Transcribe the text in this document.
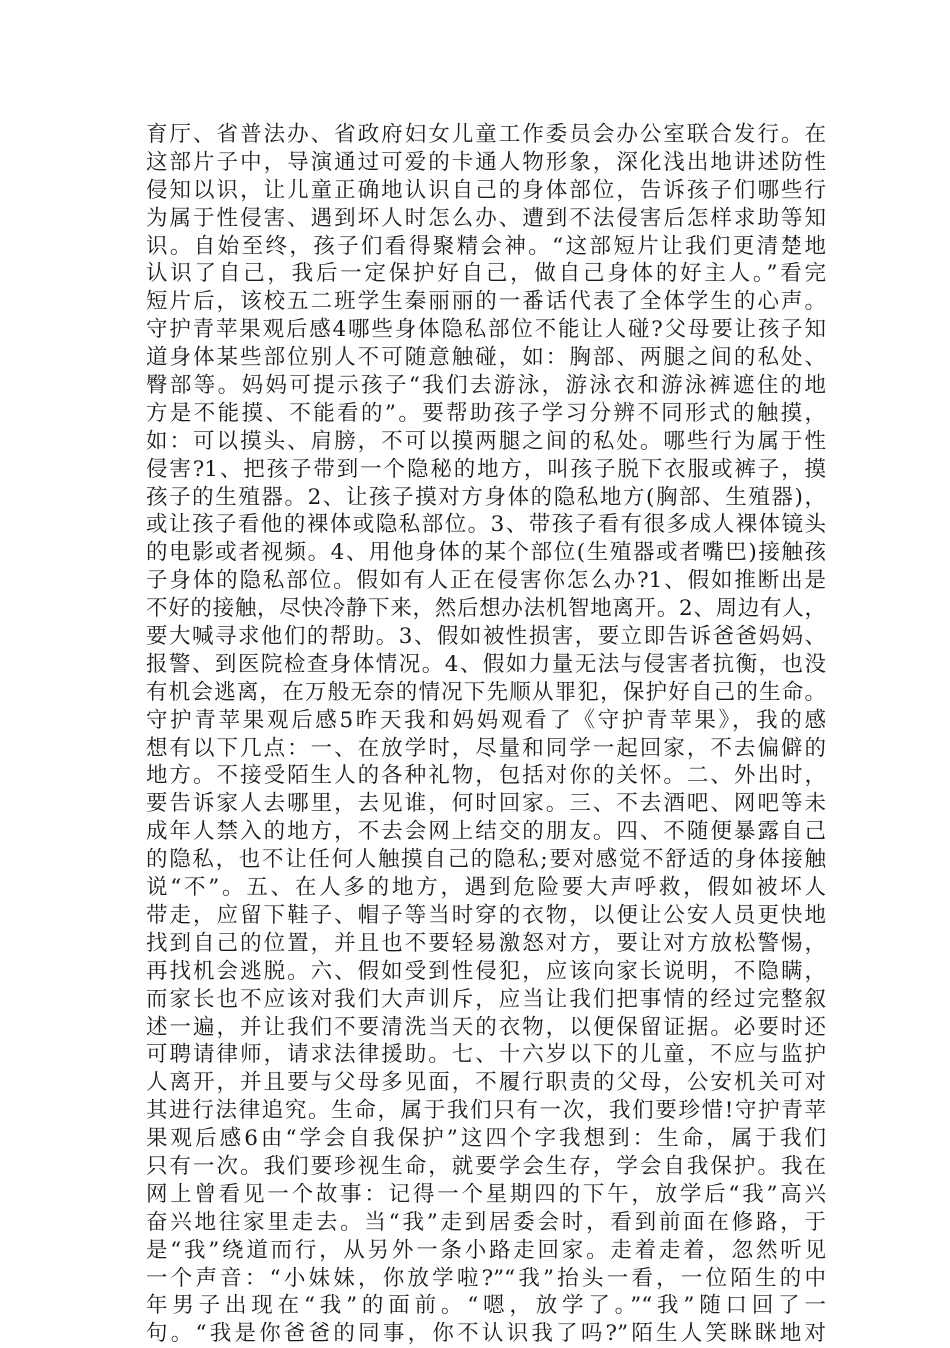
育厅、省普法办、省政府妇女儿童工作委员会办公室联合发行。在
这部片子中，导演通过可爱的卡通人物形象，深化浅出地讲述防性
侵知以识，让儿童正确地认识自己的身体部位，告诉孩子们哪些行
为属于性侵害、遇到坏人时怎么办、遭到不法侵害后怎样求助等知
识。自始至终，孩子们看得聚精会神。“这部短片让我们更清楚地
认识了自己，我后一定保护好自己，做自己身体的好主人。”看完
短片后，该校五二班学生秦丽丽的一番话代表了全体学生的心声。
守护青苹果观后感4哪些身体隐私部位不能让人碰?父母要让孩子知
道身体某些部位别人不可随意触碰，如：胸部、两腿之间的私处、
臀部等。妈妈可提示孩子“我们去游泳，游泳衣和游泳裤遮住的地
方是不能摸、不能看的”。要帮助孩子学习分辨不同形式的触摸，
如：可以摸头、肩膀，不可以摸两腿之间的私处。哪些行为属于性
侵害?1、把孩子带到一个隐秘的地方，叫孩子脱下衣服或裤子，摸
孩子的生殖器。2、让孩子摸对方身体的隐私地方(胸部、生殖器)，
或让孩子看他的裸体或隐私部位。3、带孩子看有很多成人裸体镜头
的电影或者视频。4、用他身体的某个部位(生殖器或者嘴巴)接触孩
子身体的隐私部位。假如有人正在侵害你怎么办?1、假如推断出是
不好的接触，尽快冷静下来，然后想办法机智地离开。2、周边有人，
要大喊寻求他们的帮助。3、假如被性损害，要立即告诉爸爸妈妈、
报警、到医院检查身体情况。4、假如力量无法与侵害者抗衡，也没
有机会逃离，在万般无奈的情况下先顺从罪犯，保护好自己的生命。
守护青苹果观后感5昨天我和妈妈观看了《守护青苹果》，我的感
想有以下几点：一、在放学时，尽量和同学一起回家，不去偏僻的
地方。不接受陌生人的各种礼物，包括对你的关怀。二、外出时，
要告诉家人去哪里，去见谁，何时回家。三、不去酒吧、网吧等未
成年人禁入的地方，不去会网上结交的朋友。四、不随便暴露自己
的隐私，也不让任何人触摸自己的隐私;要对感觉不舒适的身体接触
说“不”。五、在人多的地方，遇到危险要大声呼救，假如被坏人
带走，应留下鞋子、帽子等当时穿的衣物，以便让公安人员更快地
找到自己的位置，并且也不要轻易激怒对方，要让对方放松警惕，
再找机会逃脱。六、假如受到性侵犯，应该向家长说明，不隐瞒，
而家长也不应该对我们大声训斥，应当让我们把事情的经过完整叙
述一遍，并让我们不要清洗当天的衣物，以便保留证据。必要时还
可聘请律师，请求法律援助。七、十六岁以下的儿童，不应与监护
人离开，并且要与父母多见面，不履行职责的父母，公安机关可对
其进行法律追究。生命，属于我们只有一次，我们要珍惜!守护青苹
果观后感6由“学会自我保护”这四个字我想到：生命，属于我们
只有一次。我们要珍视生命，就要学会生存，学会自我保护。我在
网上曾看见一个故事：记得一个星期四的下午，放学后“我”高兴
奋兴地往家里走去。当“我”走到居委会时，看到前面在修路，于
是“我”绕道而行，从另外一条小路走回家。走着走着，忽然听见
一个声音：“小妹妹，你放学啦?”“我”抬头一看，一位陌生的中
年男子出现在“我”的面前。“嗯，放学了。”“我”随口回了一
句。“我是你爸爸的同事，你不认识我了吗?”陌生人笑眯眯地对
